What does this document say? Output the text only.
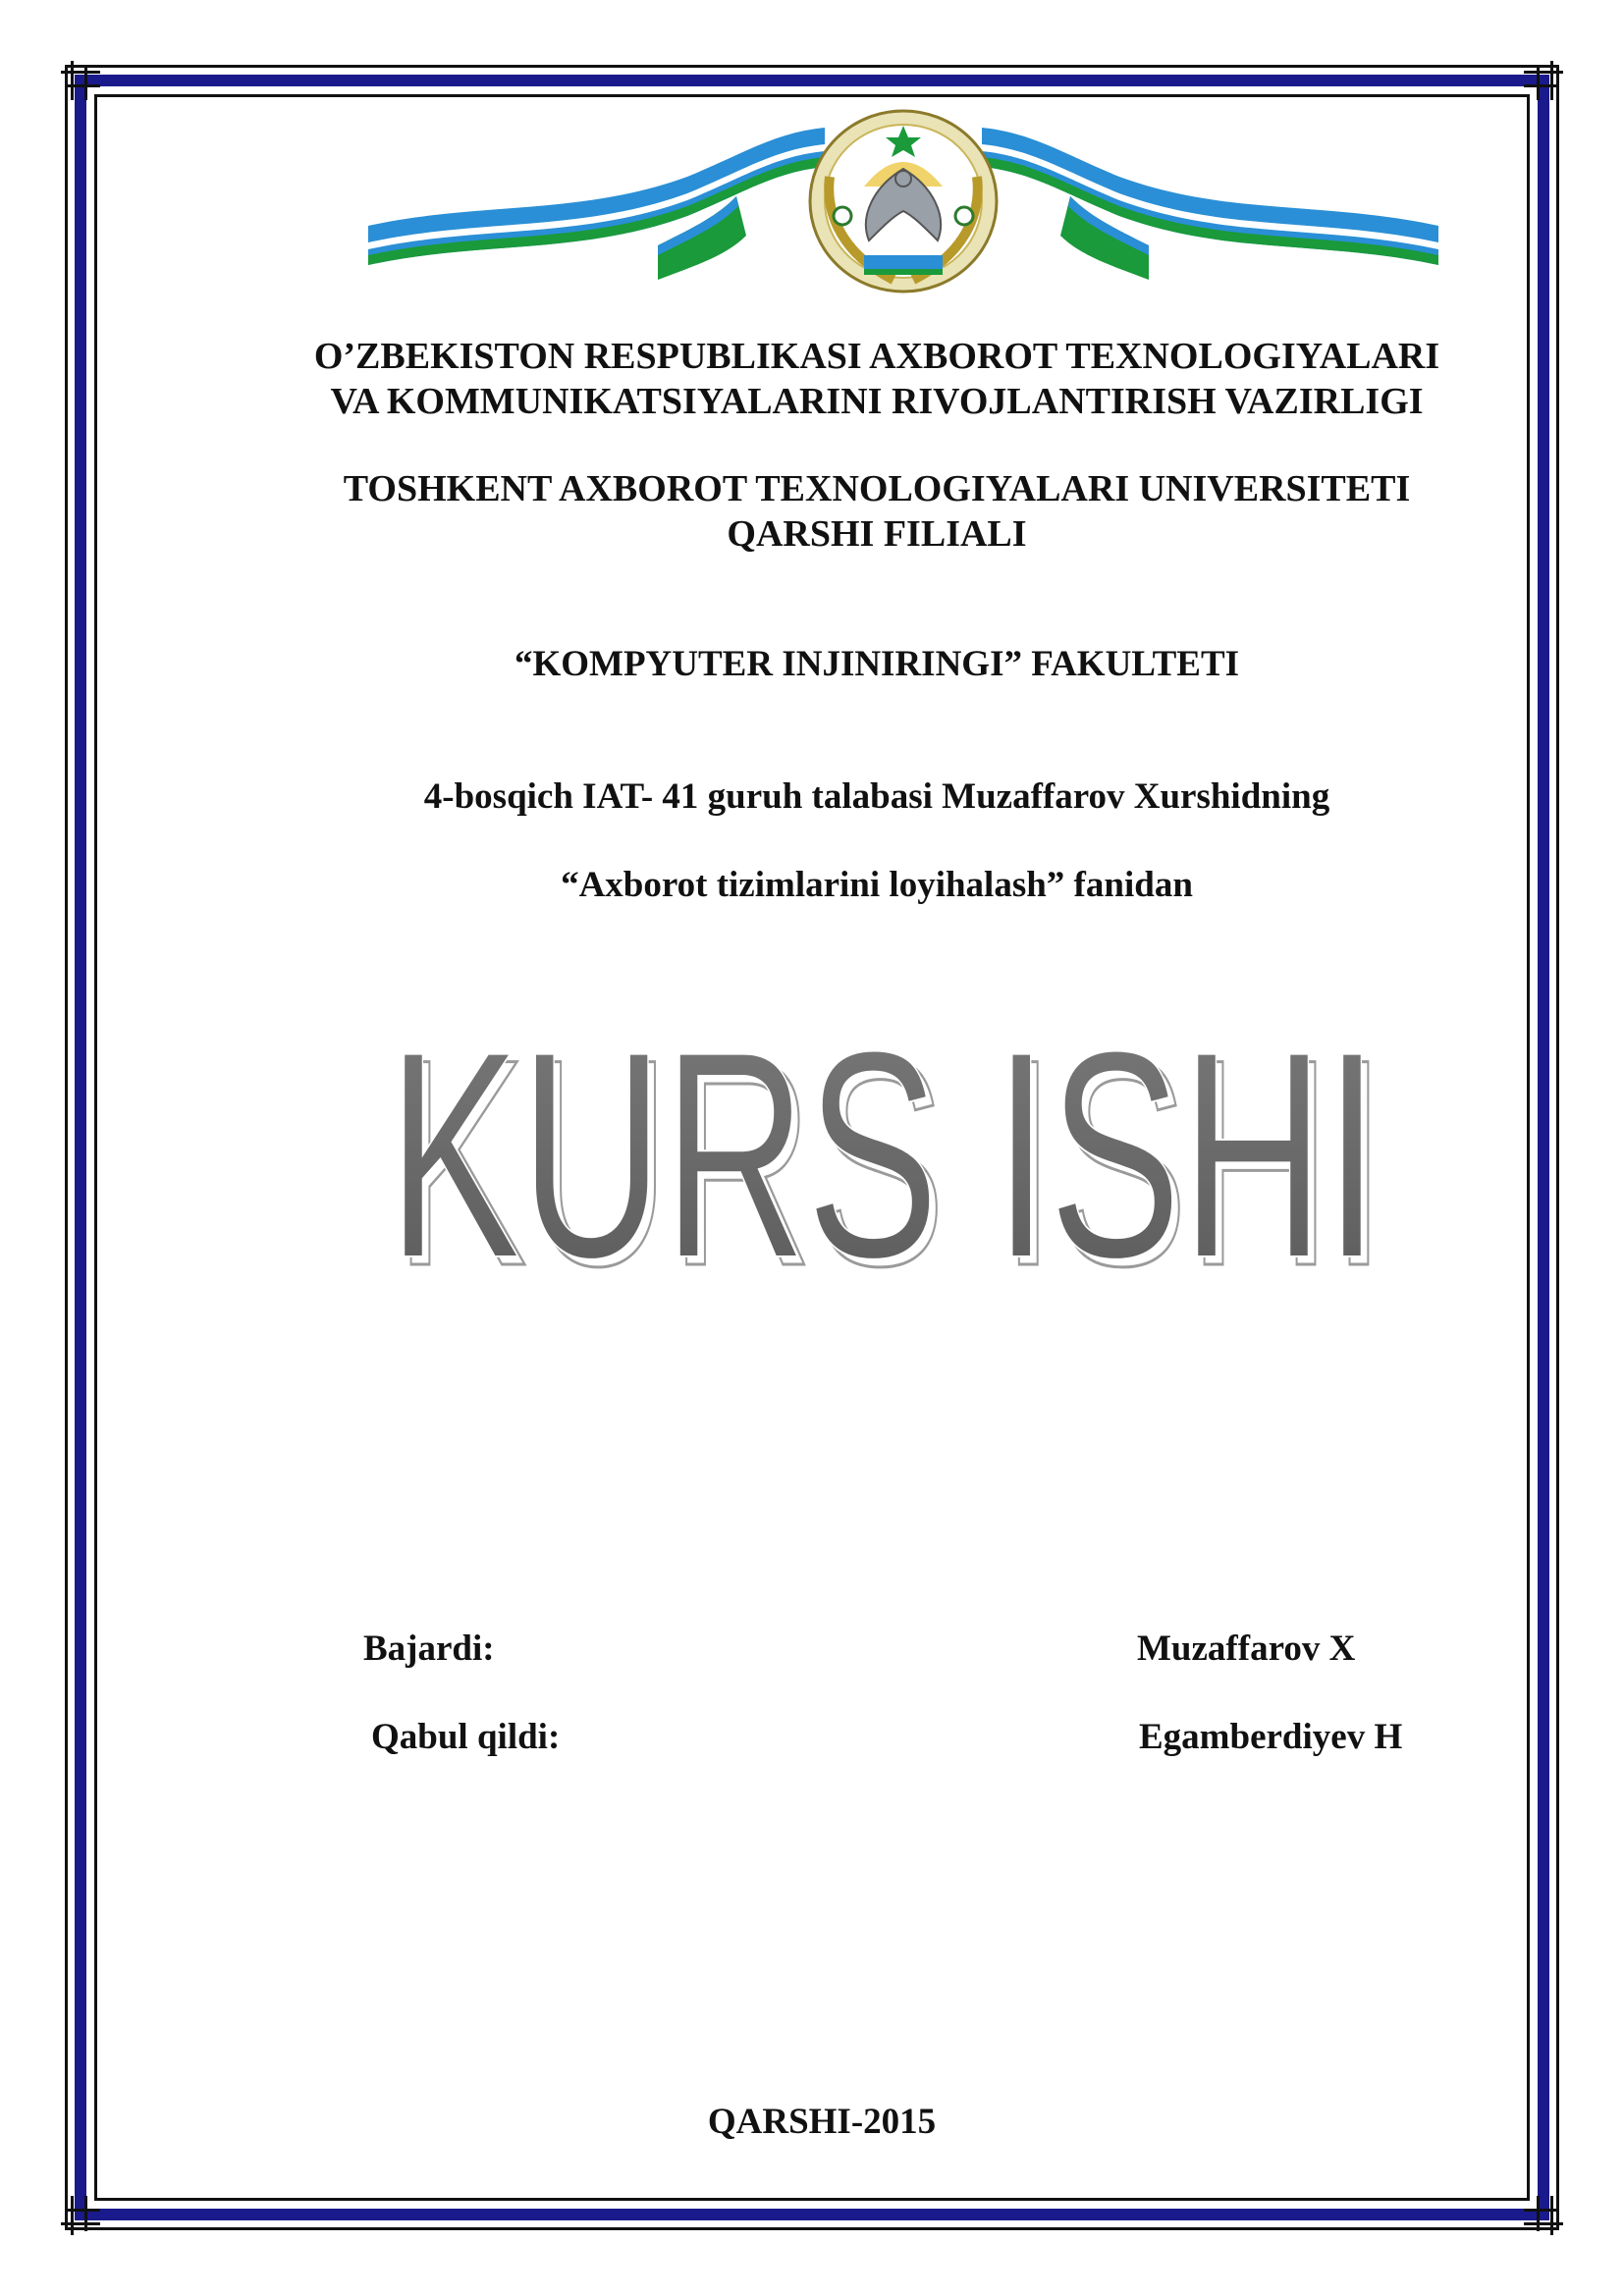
O’ZBEKISTON RESPUBLIKASI AXBOROT TEXNOLOGIYALARI
VA KOMMUNIKATSIYALARINI RIVOJLANTIRISH VAZIRLIGI
TOSHKENT AXBOROT TEXNOLOGIYALARI UNIVERSITETI
QARSHI FILIALI
“KOMPYUTER INJINIRINGI” FAKULTETI
4-bosqich IAT- 41 guruh talabasi Muzaffarov Xurshidning
“Axborot tizimlarini loyihalash” fanidan
KURS ISHI
KURS ISHI
Bajardi:	Muzaffarov X
Qabul qildi:	Egamberdiyev H
QARSHI-2015
